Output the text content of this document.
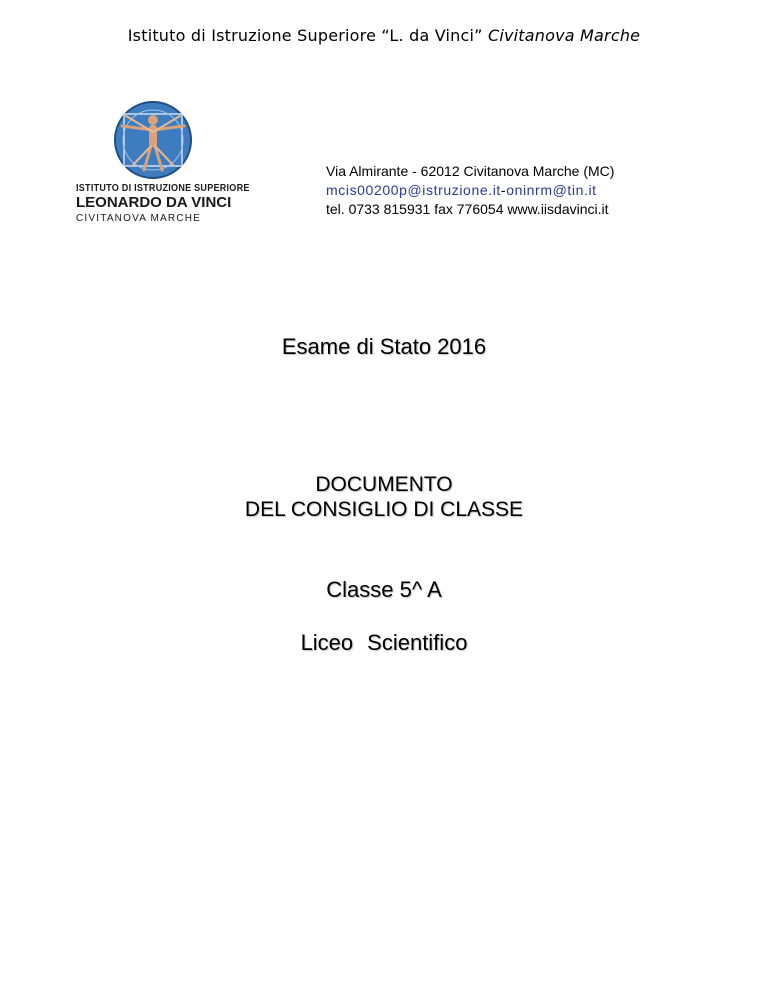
Istituto di Istruzione Superiore “L. da Vinci” Civitanova Marche
ISTITUTO DI ISTRUZIONE SUPERIORE
LEONARDO DA VINCI
CIVITANOVA MARCHE
Via Almirante - 62012 Civitanova Marche (MC)
mcis00200p@istruzione.it-oninrm@tin.it
tel. 0733 815931 fax 776054 www.iisdavinci.it
Esame di Stato 2016
DOCUMENTO
DEL CONSIGLIO DI CLASSE
Classe 5^ A
Liceo Scientifico
